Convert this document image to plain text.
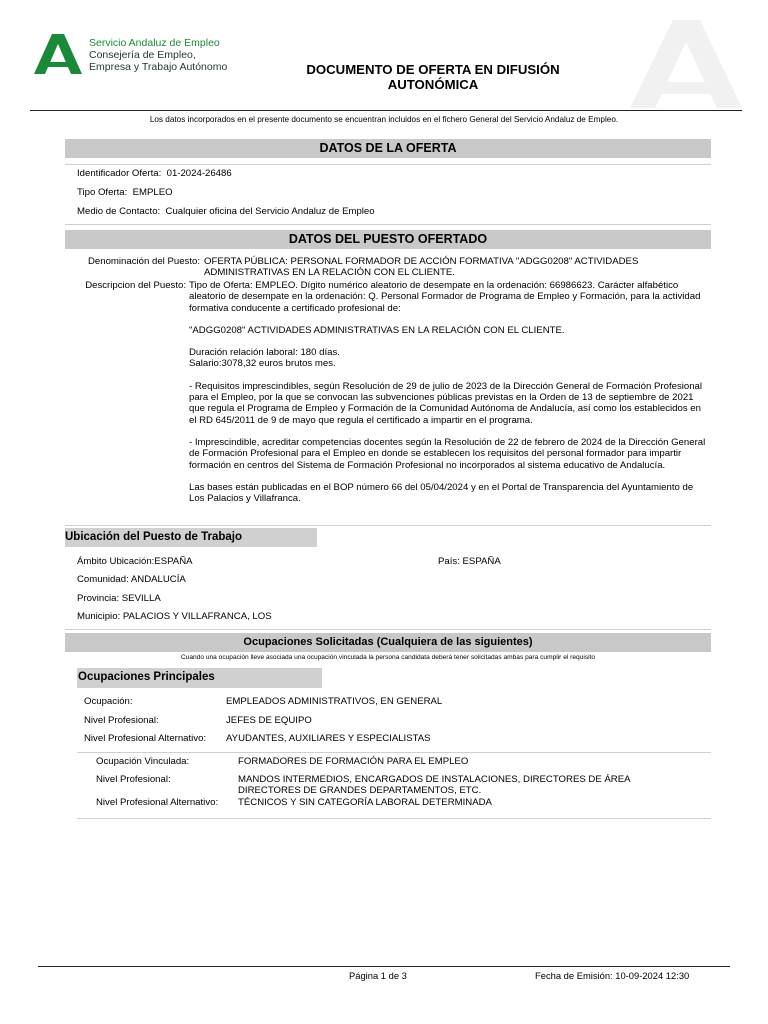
Servicio Andaluz de Empleo
Consejería de Empleo,
Empresa y Trabajo Autónomo	DOCUMENTO DE OFERTA EN DIFUSIÓN
AUTONÓMICA
Los datos incorporados en el presente documento se encuentran incluidos en el fichero General del Servicio Andaluz de Empleo.
DATOS DE LA OFERTA
Identificador Oferta: 01-2024-26486
Tipo Oferta: EMPLEO
Medio de Contacto: Cualquier oficina del Servicio Andaluz de Empleo
DATOS DEL PUESTO OFERTADO
Denominación del Puesto: OFERTA PÚBLICA: PERSONAL FORMADOR DE ACCIÓN FORMATIVA "ADGG0208" ACTIVIDADES
ADMINISTRATIVAS EN LA RELACIÓN CON EL CLIENTE.
Descripcion del Puesto: Tipo de Oferta: EMPLEO. Dígito numérico aleatorio de desempate en la ordenación: 66986623. Carácter alfabético aleatorio de desempate en la ordenación: Q. Personal Formador de Programa de Empleo y Formación, para la actividad formativa conducente a certificado profesional de:

"ADGG0208" ACTIVIDADES ADMINISTRATIVAS EN LA RELACIÓN CON EL CLIENTE.

Duración relación laboral: 180 días.

Salario:3078,32 euros brutos mes.

- Requisitos imprescindibles, según Resolución de 29 de julio de 2023 de la Dirección General de Formación Profesional para el Empleo, por la que se convocan las subvenciones públicas previstas en la Orden de 13 de septiembre de 2021 que regula el Programa de Empleo y Formación de la Comunidad Autónoma de Andalucía, así como los establecidos en el RD 645/2011 de 9 de mayo que regula el certificado a impartir en el programa.

- Imprescindible, acreditar competencias docentes según la Resolución de 22 de febrero de 2024 de la Dirección General de Formación Profesional para el Empleo en donde se establecen los requisitos del personal formador para impartir formación en centros del Sistema de Formación Profesional no incorporados al sistema educativo de Andalucía.

Las bases están publicadas en el BOP número 66 del 05/04/2024 y en el Portal de Transparencia del Ayuntamiento de Los Palacios y Villafranca.

Ubicación del Puesto de Trabajo
Ámbito Ubicación:ESPAÑA	País: ESPAÑA
Comunidad: ANDALUCÍA
Provincia: SEVILLA
Municipio: PALACIOS Y VILLAFRANCA, LOS
Ocupaciones Solicitadas (Cualquiera de las siguientes)
Cuando una ocupación lleve asociada una ocupación vinculada la persona candidata deberá tener solicitadas ambas para cumplir el requisito
Ocupaciones Principales
Ocupación:	EMPLEADOS ADMINISTRATIVOS, EN GENERAL
Nivel Profesional:	JEFES DE EQUIPO
Nivel Profesional Alternativo: AYUDANTES, AUXILIARES Y ESPECIALISTAS
Ocupación Vinculada:	FORMADORES DE FORMACIÓN PARA EL EMPLEO
Nivel Profesional:	MANDOS INTERMEDIOS, ENCARGADOS DE INSTALACIONES, DIRECTORES DE ÁREA
DIRECTORES DE GRANDES DEPARTAMENTOS, ETC.
Nivel Profesional Alternativo: TÉCNICOS Y SIN CATEGORÍA LABORAL DETERMINADA
Página 1 de 3	Fecha de Emisión: 10-09-2024 12:30
